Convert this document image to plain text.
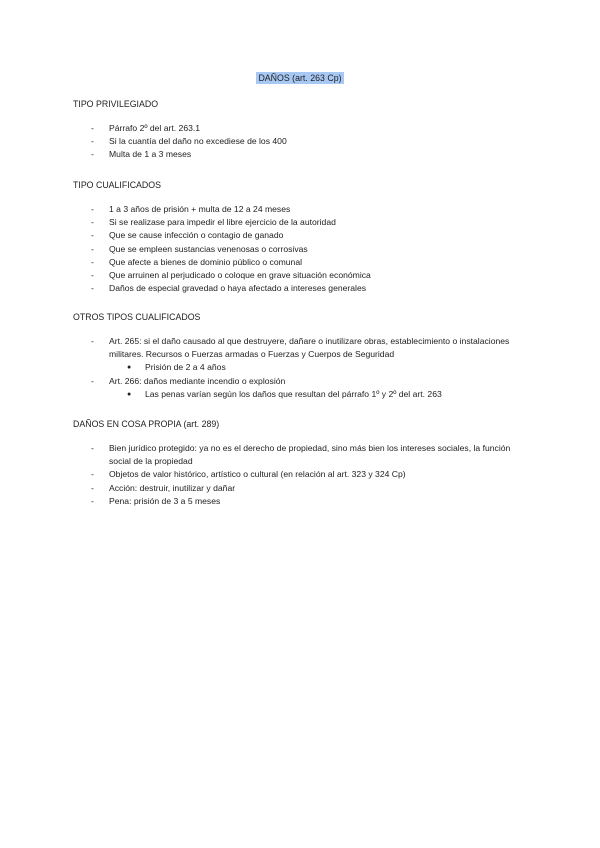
DAÑOS (art. 263 Cp)

TIPO PRIVILEGIADO

- Párrafo 2º del art. 263.1
- Si la cuantía del daño no excediese de los 400
- Multa de 1 a 3 meses

TIPO CUALIFICADOS

- 1 a 3 años de prisión + multa de 12 a 24 meses
- Si se realizase para impedir el libre ejercicio de la autoridad
- Que se cause infección o contagio de ganado
- Que se empleen sustancias venenosas o corrosivas
- Que afecte a bienes de dominio público o comunal
- Que arruinen al perjudicado o coloque en grave situación económica
- Daños de especial gravedad o haya afectado a intereses generales

OTROS TIPOS CUALIFICADOS

- Art. 265: si el daño causado al que destruyere, dañare o inutilizare obras, establecimiento o instalaciones militares. Recursos o Fuerzas armadas o Fuerzas y Cuerpos de Seguridad
● Prisión de 2 a 4 años
- Art. 266: daños mediante incendio o explosión
● Las penas varían según los daños que resultan del párrafo 1º y 2º del art. 263

DAÑOS EN COSA PROPIA (art. 289)

- Bien jurídico protegido: ya no es el derecho de propiedad, sino más bien los intereses sociales, la función social de la propiedad
- Objetos de valor histórico, artístico o cultural (en relación al art. 323 y 324 Cp)
- Acción: destruir, inutilizar y dañar
- Pena: prisión de 3 a 5 meses
